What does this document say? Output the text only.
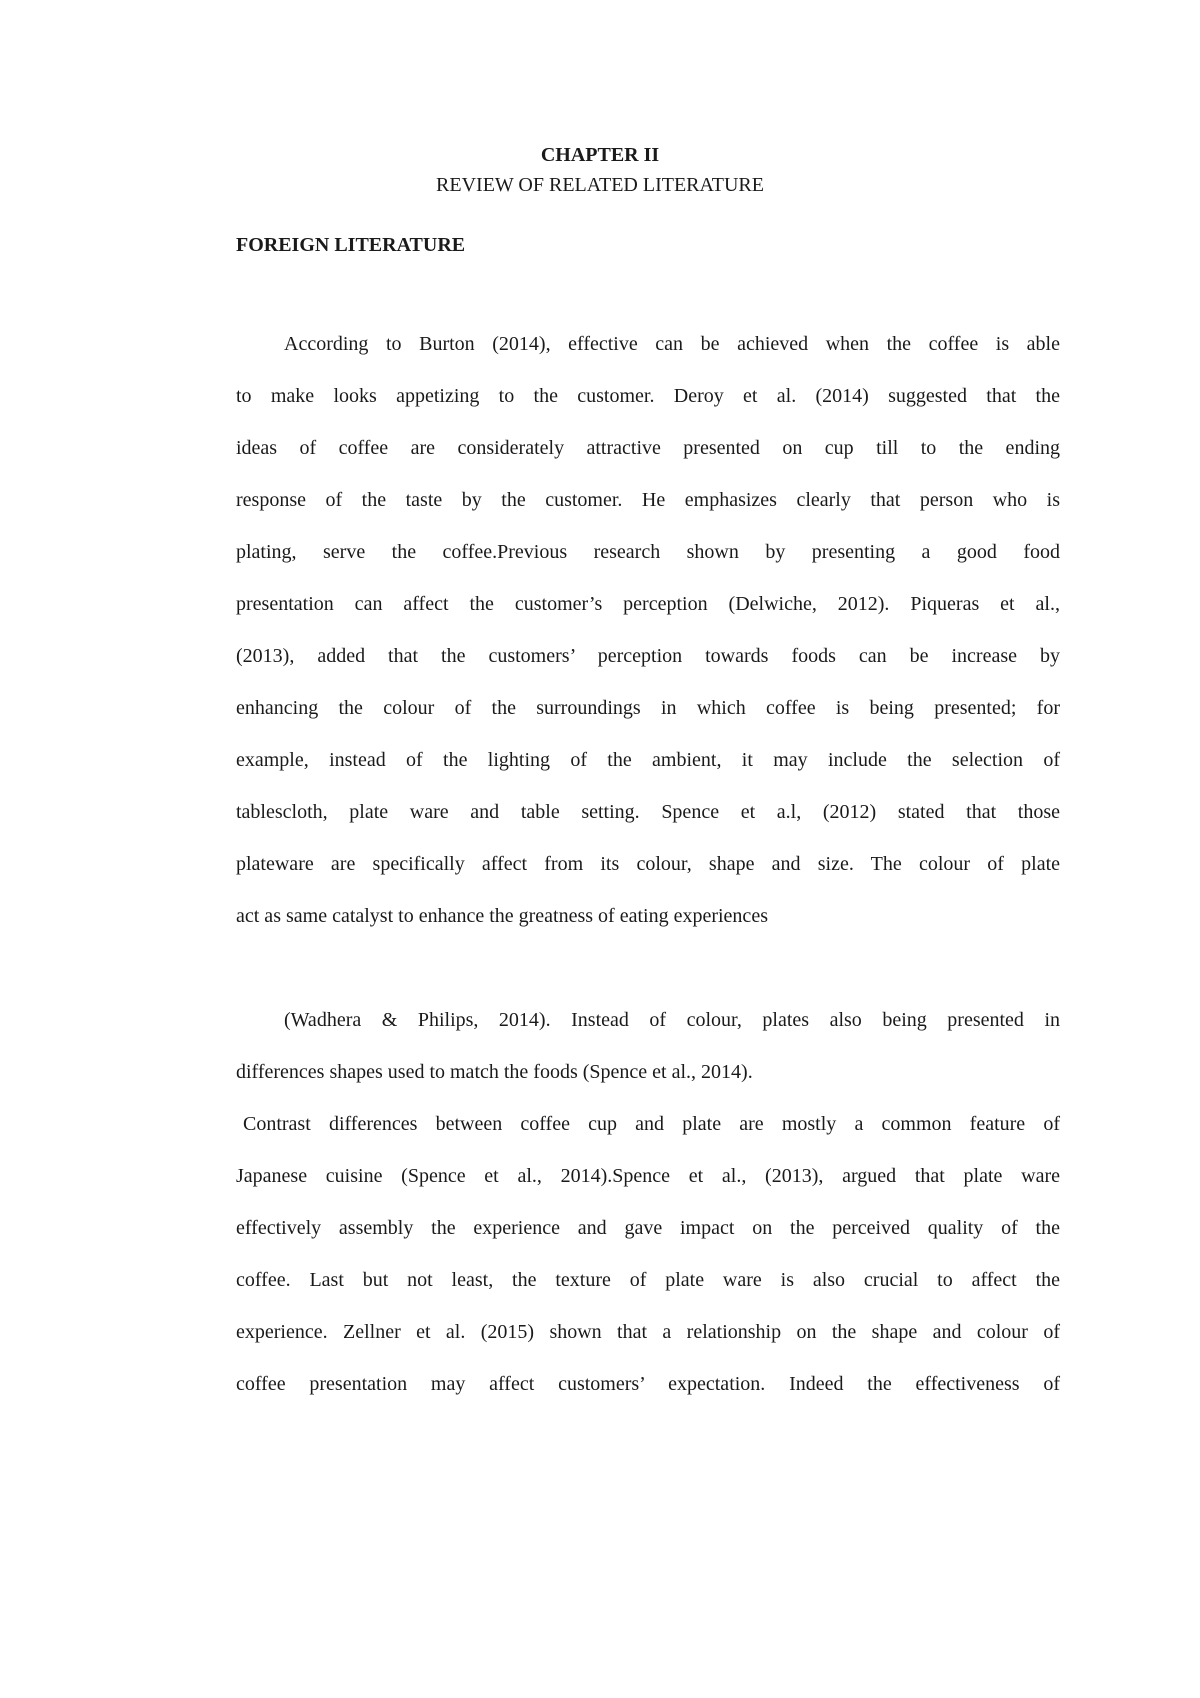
CHAPTER II

REVIEW OF RELATED LITERATURE

FOREIGN LITERATURE

According to Burton (2014), effective can be achieved when the coffee is able

to make looks appetizing to the customer. Deroy et al. (2014) suggested that the

ideas of coffee are considerately attractive presented on cup till to the ending

response of the taste by the customer. He emphasizes clearly that person who is

plating, serve the coffee.Previous research shown by presenting a good food

presentation can affect the customer’s perception (Delwiche, 2012). Piqueras et al.,

(2013), added that the customers’ perception towards foods can be increase by

enhancing the colour of the surroundings in which coffee is being presented; for

example, instead of the lighting of the ambient, it may include the selection of

tablescloth, plate ware and table setting. Spence et a.l, (2012) stated that those

plateware are specifically affect from its colour, shape and size. The colour of plate

act as same catalyst to enhance the greatness of eating experiences

(Wadhera & Philips, 2014). Instead of colour, plates also being presented in

differences shapes used to match the foods (Spence et al., 2014).

Contrast differences between coffee cup and plate are mostly a common feature of

Japanese cuisine (Spence et al., 2014).Spence et al., (2013), argued that plate ware

effectively assembly the experience and gave impact on the perceived quality of the

coffee. Last but not least, the texture of plate ware is also crucial to affect the

experience. Zellner et al. (2015) shown that a relationship on the shape and colour of

coffee presentation may affect customers’ expectation. Indeed the effectiveness of
